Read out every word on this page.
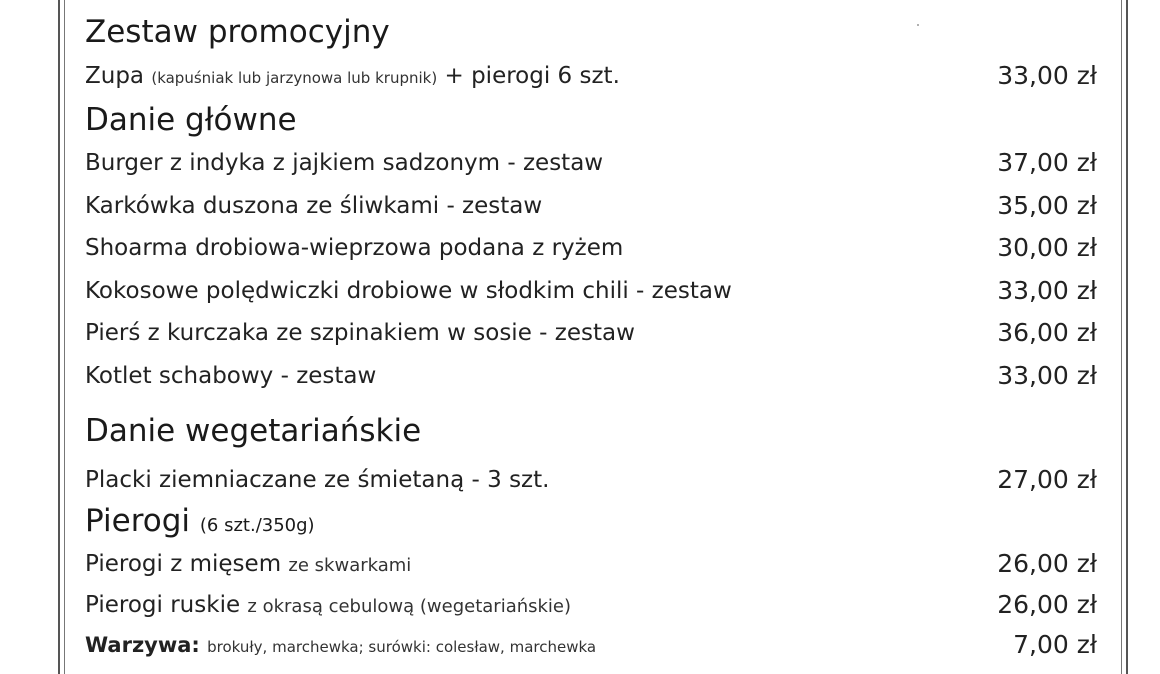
Zestaw promocyjny
Zupa (kapuśniak lub jarzynowa lub krupnik) + pierogi 6 szt.	33,00 zł
Danie główne
Burger z indyka z jajkiem sadzonym - zestaw	37,00 zł
Karkówka duszona ze śliwkami - zestaw	35,00 zł
Shoarma drobiowa-wieprzowa podana z ryżem	30,00 zł
Kokosowe polędwiczki drobiowe w słodkim chili - zestaw	33,00 zł
Pierś z kurczaka ze szpinakiem w sosie - zestaw	36,00 zł
Kotlet schabowy - zestaw	33,00 zł
Danie wegetariańskie
Placki ziemniaczane ze śmietaną - 3 szt.	27,00 zł
Pierogi (6 szt./350g)
Pierogi z mięsem ze skwarkami	26,00 zł
Pierogi ruskie z okrasą cebulową (wegetariańskie)	26,00 zł
Warzywa: brokuły, marchewka; surówki: colesław, marchewka	7,00 zł
